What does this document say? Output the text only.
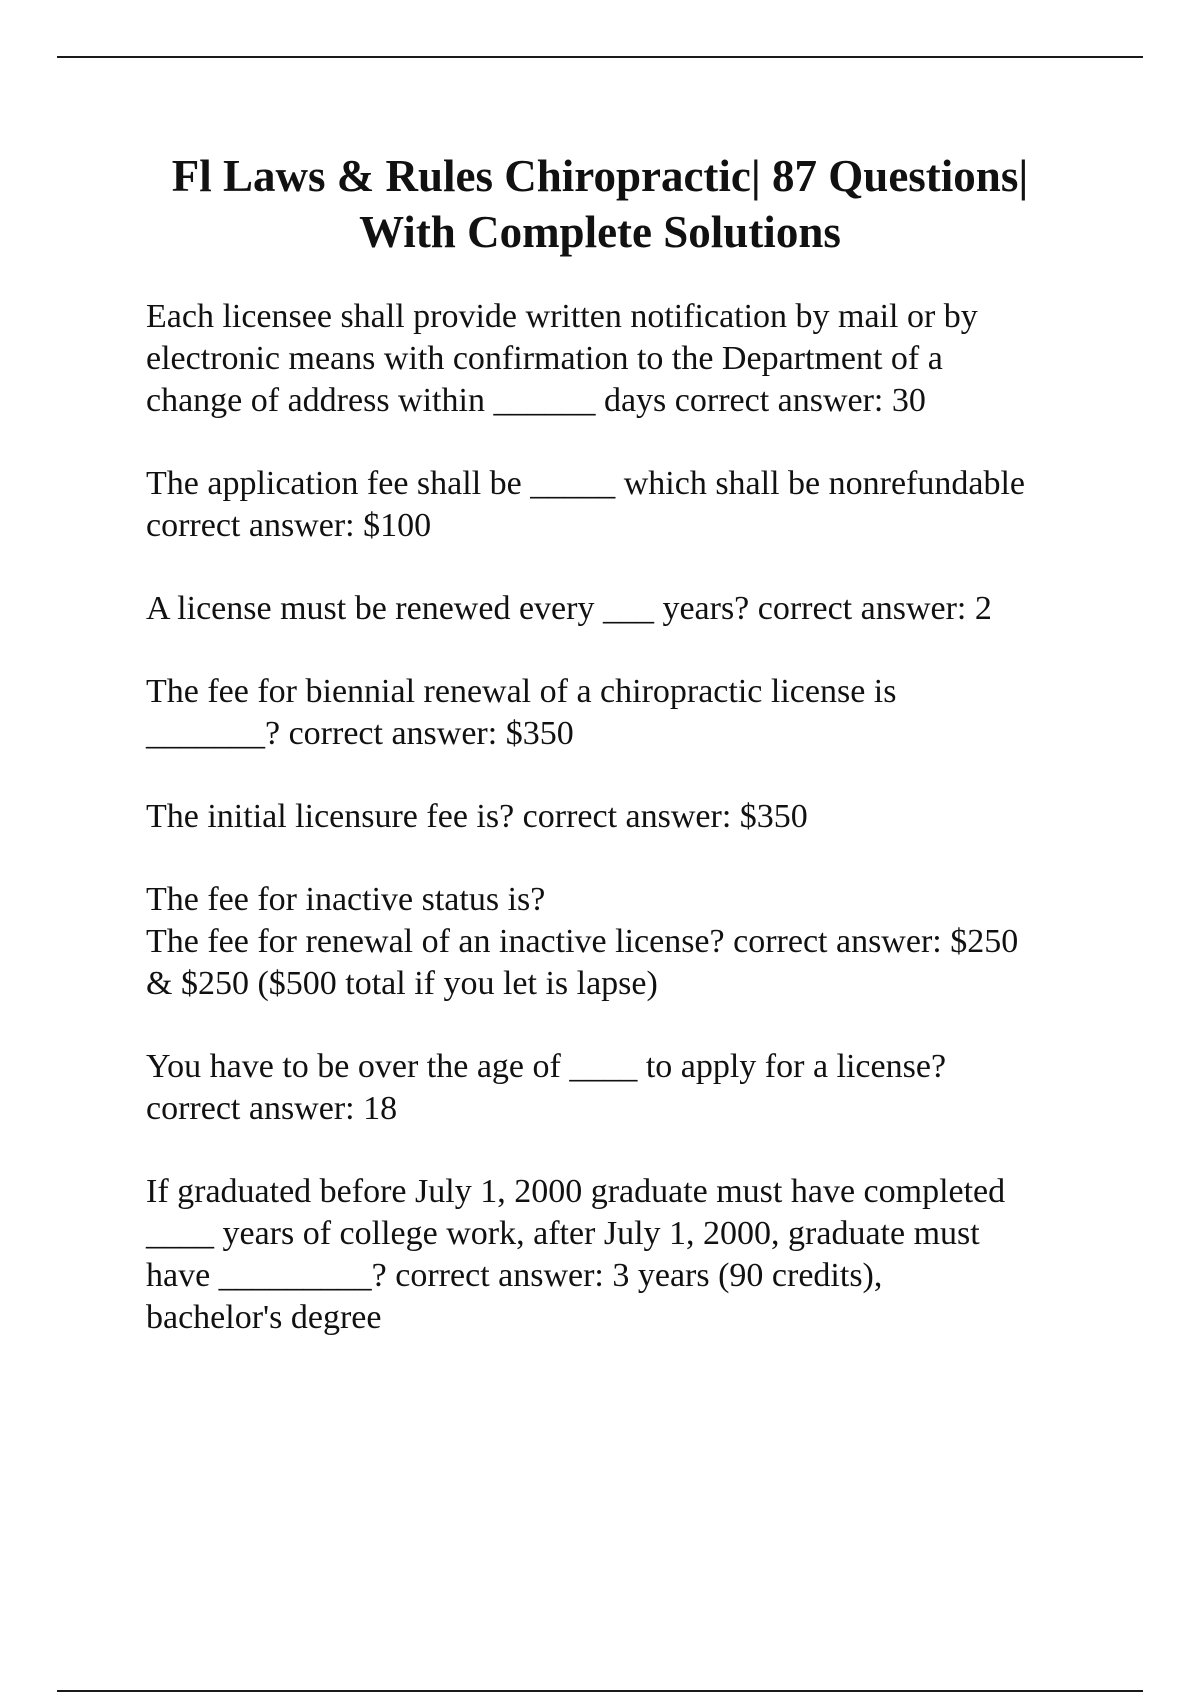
Fl Laws & Rules Chiropractic| 87 Questions|
With Complete Solutions

Each licensee shall provide written notification by mail or by
electronic means with confirmation to the Department of a
change of address within ______ days correct answer: 30

The application fee shall be _____ which shall be nonrefundable
correct answer: $100

A license must be renewed every ___ years? correct answer: 2

The fee for biennial renewal of a chiropractic license is
_______? correct answer: $350

The initial licensure fee is? correct answer: $350

The fee for inactive status is?
The fee for renewal of an inactive license? correct answer: $250
& $250 ($500 total if you let is lapse)

You have to be over the age of ____ to apply for a license?
correct answer: 18

If graduated before July 1, 2000 graduate must have completed
____ years of college work, after July 1, 2000, graduate must
have _________? correct answer: 3 years (90 credits),
bachelor's degree
